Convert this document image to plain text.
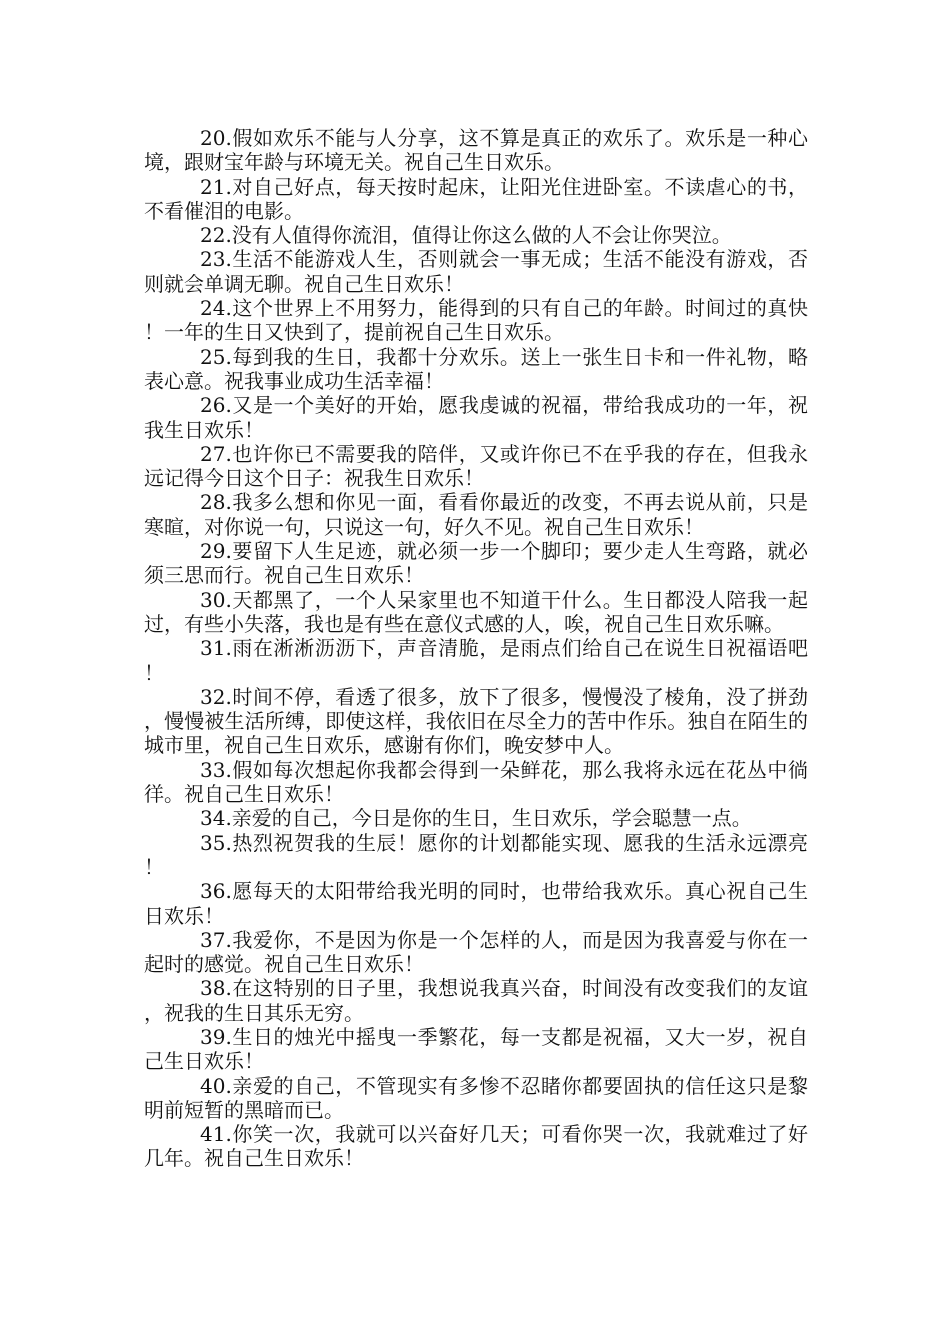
20.假如欢乐不能与人分享，这不算是真正的欢乐了。欢乐是一种心境，跟财宝年龄与环境无关。祝自己生日欢乐。

21.对自己好点，每天按时起床，让阳光住进卧室。不读虐心的书，不看催泪的电影。

22.没有人值得你流泪，值得让你这么做的人不会让你哭泣。

23.生活不能游戏人生，否则就会一事无成；生活不能没有游戏，否则就会单调无聊。祝自己生日欢乐！

24.这个世界上不用努力，能得到的只有自己的年龄。时间过的真快！一年的生日又快到了，提前祝自己生日欢乐。

25.每到我的生日，我都十分欢乐。送上一张生日卡和一件礼物，略表心意。祝我事业成功生活幸福！

26.又是一个美好的开始，愿我虔诚的祝福，带给我成功的一年，祝我生日欢乐！

27.也许你已不需要我的陪伴，又或许你已不在乎我的存在，但我永远记得今日这个日子：祝我生日欢乐！

28.我多么想和你见一面，看看你最近的改变，不再去说从前，只是寒暄，对你说一句，只说这一句，好久不见。祝自己生日欢乐！

29.要留下人生足迹，就必须一步一个脚印；要少走人生弯路，就必须三思而行。祝自己生日欢乐！

30.天都黑了，一个人呆家里也不知道干什么。生日都没人陪我一起过，有些小失落，我也是有些在意仪式感的人，唉，祝自己生日欢乐嘛。

31.雨在淅淅沥沥下，声音清脆，是雨点们给自己在说生日祝福语吧！

32.时间不停，看透了很多，放下了很多，慢慢没了棱角，没了拼劲，慢慢被生活所缚，即使这样，我依旧在尽全力的苦中作乐。独自在陌生的城市里，祝自己生日欢乐，感谢有你们，晚安梦中人。

33.假如每次想起你我都会得到一朵鲜花，那么我将永远在花丛中徜徉。祝自己生日欢乐！

34.亲爱的自己，今日是你的生日，生日欢乐，学会聪慧一点。

35.热烈祝贺我的生辰！愿你的计划都能实现、愿我的生活永远漂亮！

36.愿每天的太阳带给我光明的同时，也带给我欢乐。真心祝自己生日欢乐！

37.我爱你，不是因为你是一个怎样的人，而是因为我喜爱与你在一起时的感觉。祝自己生日欢乐！

38.在这特别的日子里，我想说我真兴奋，时间没有改变我们的友谊，祝我的生日其乐无穷。

39.生日的烛光中摇曳一季繁花，每一支都是祝福，又大一岁，祝自己生日欢乐！

40.亲爱的自己，不管现实有多惨不忍睹你都要固执的信任这只是黎明前短暂的黑暗而已。

41.你笑一次，我就可以兴奋好几天；可看你哭一次，我就难过了好几年。祝自己生日欢乐！
